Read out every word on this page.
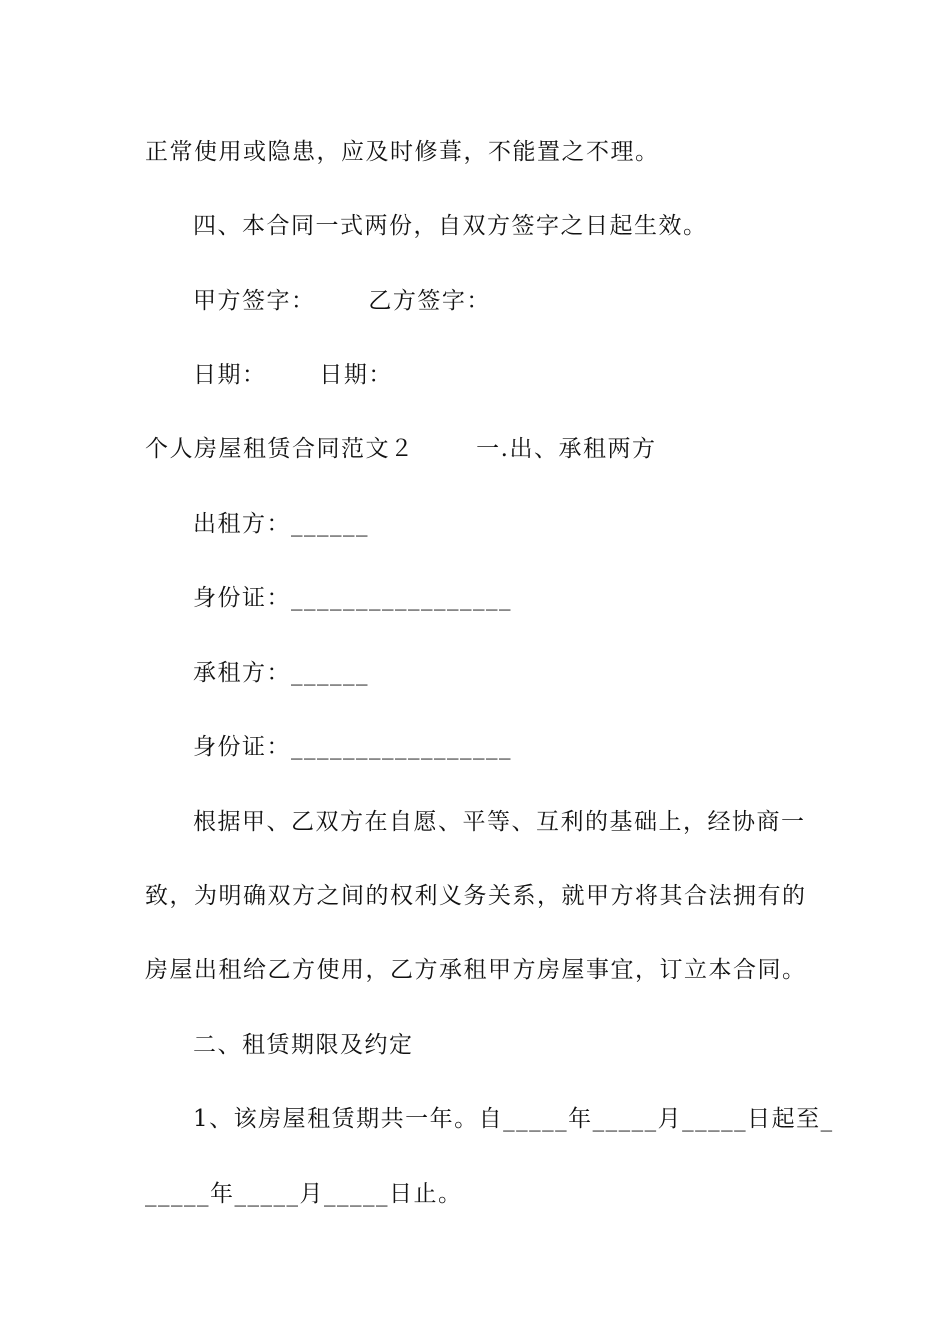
正常使用或隐患，应及时修葺，不能置之不理。
四、本合同一式两份，自双方签字之日起生效。
甲方签字：      乙方签字：
日期：      日期：
个人房屋租赁合同范文２       一.出、承租两方
出租方：______
身份证：_________________
承租方：______
身份证：_________________
根据甲、乙双方在自愿、平等、互利的基础上，经协商一
致，为明确双方之间的权利义务关系，就甲方将其合法拥有的
房屋出租给乙方使用，乙方承租甲方房屋事宜，订立本合同。
二、租赁期限及约定
1、该房屋租赁期共一年。自_____年_____月_____日起至_
_____年_____月_____日止。
